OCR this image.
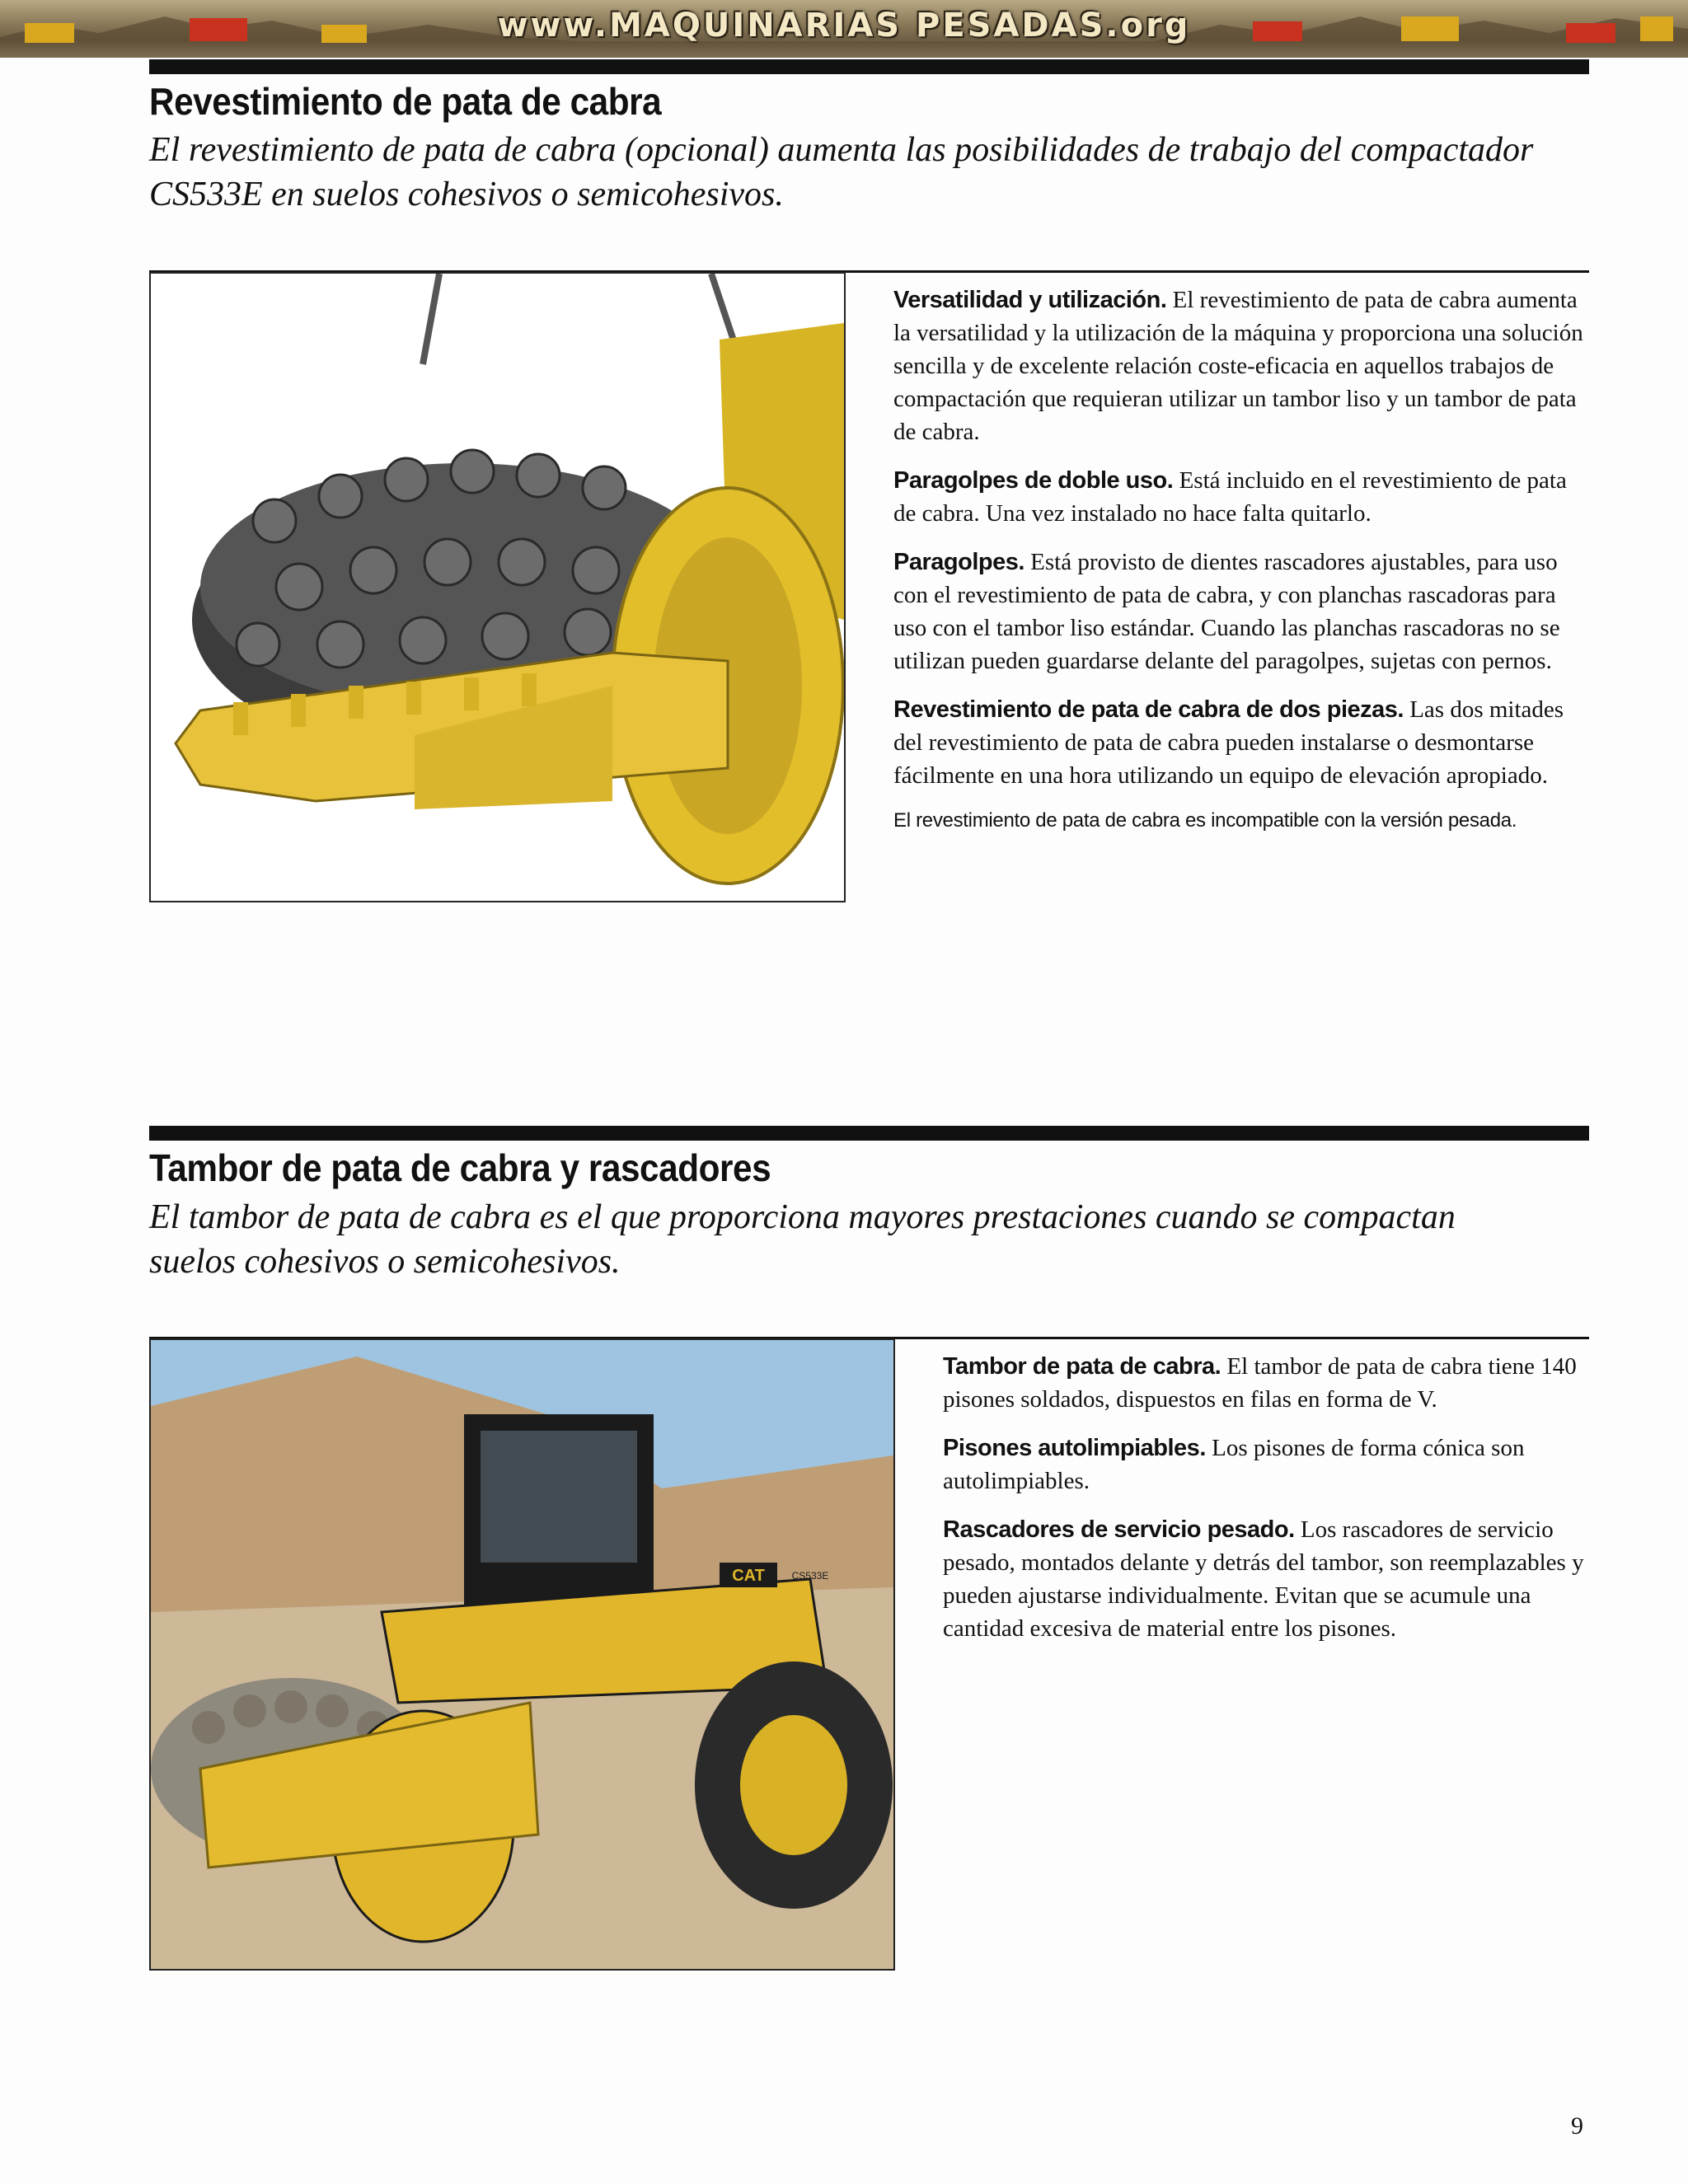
www.MAQUINARIAS PESADAS.org
Revestimiento de pata de cabra
El revestimiento de pata de cabra (opcional) aumenta las posibilidades de trabajo del compactador CS533E en suelos cohesivos o semicohesivos.

Versatilidad y utilización. El revestimiento de pata de cabra aumenta la versatilidad y la utilización de la máquina y proporciona una solución sencilla y de excelente relación coste-eficacia en aquellos trabajos de compactación que requieran utilizar un tambor liso y un tambor de pata de cabra.

Paragolpes de doble uso. Está incluido en el revestimiento de pata de cabra. Una vez instalado no hace falta quitarlo.

Paragolpes. Está provisto de dientes rascadores ajustables, para uso con el revestimiento de pata de cabra, y con planchas rascadoras para uso con el tambor liso estándar. Cuando las planchas rascadoras no se utilizan pueden guardarse delante del paragolpes, sujetas con pernos.

Revestimiento de pata de cabra de dos piezas. Las dos mitades del revestimiento de pata de cabra pueden instalarse o desmontarse fácilmente en una hora utilizando un equipo de elevación apropiado.

El revestimiento de pata de cabra es incompatible con la versión pesada.

Tambor de pata de cabra y rascadores
El tambor de pata de cabra es el que proporciona mayores prestaciones cuando se compactan suelos cohesivos o semicohesivos.
CAT	CS533E

Tambor de pata de cabra. El tambor de pata de cabra tiene 140 pisones soldados, dispuestos en filas en forma de V.

Pisones autolimpiables. Los pisones de forma cónica son autolimpiables.

Rascadores de servicio pesado. Los rascadores de servicio pesado, montados delante y detrás del tambor, son reemplazables y pueden ajustarse individualmente. Evitan que se acumule una cantidad excesiva de material entre los pisones.

9
